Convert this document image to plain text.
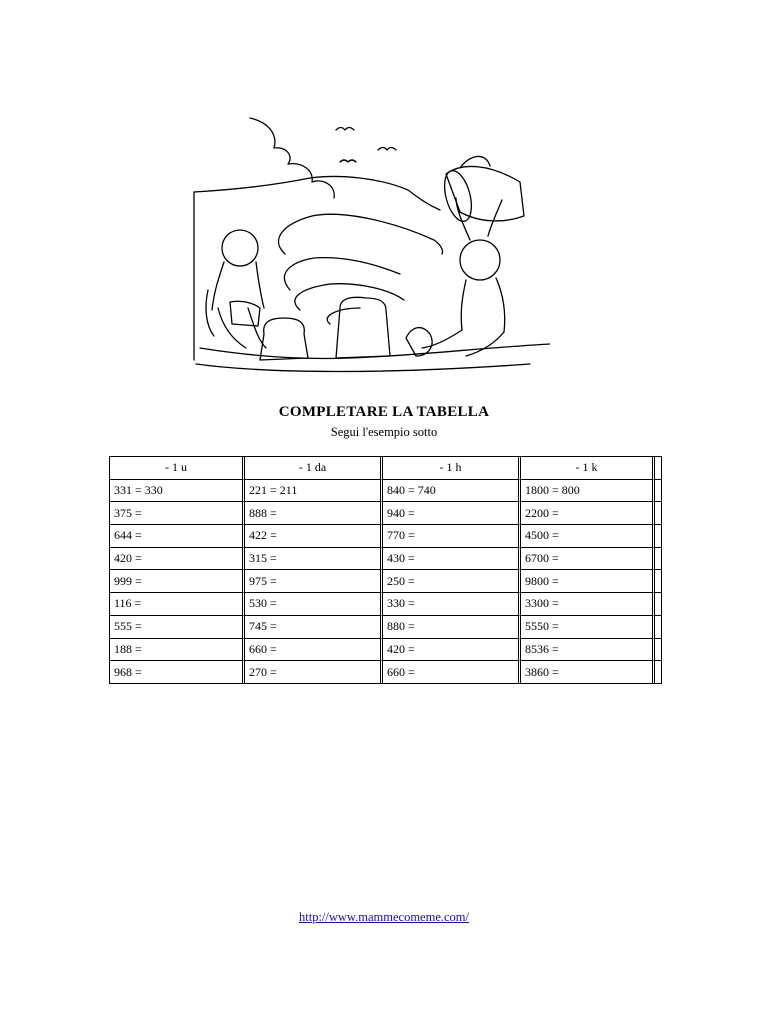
COMPLETARE LA TABELLA
Segui l'esempio sotto
- 1 u	- 1 da	- 1 h	- 1 k	
331 = 330	221 = 211	840 = 740	1800 = 800	
375 =	888 =	940 =	2200 =	
644 =	422 =	770 =	4500 =	
420 =	315 =	430 =	6700 =	
999 =	975 =	250 =	9800 =	
116 =	530 =	330 =	3300 =	
555 =	745 =	880 =	5550 =	
188 =	660 =	420 =	8536 =	
968 =	270 =	660 =	3860 =	
http://www.mammecomeme.com/
